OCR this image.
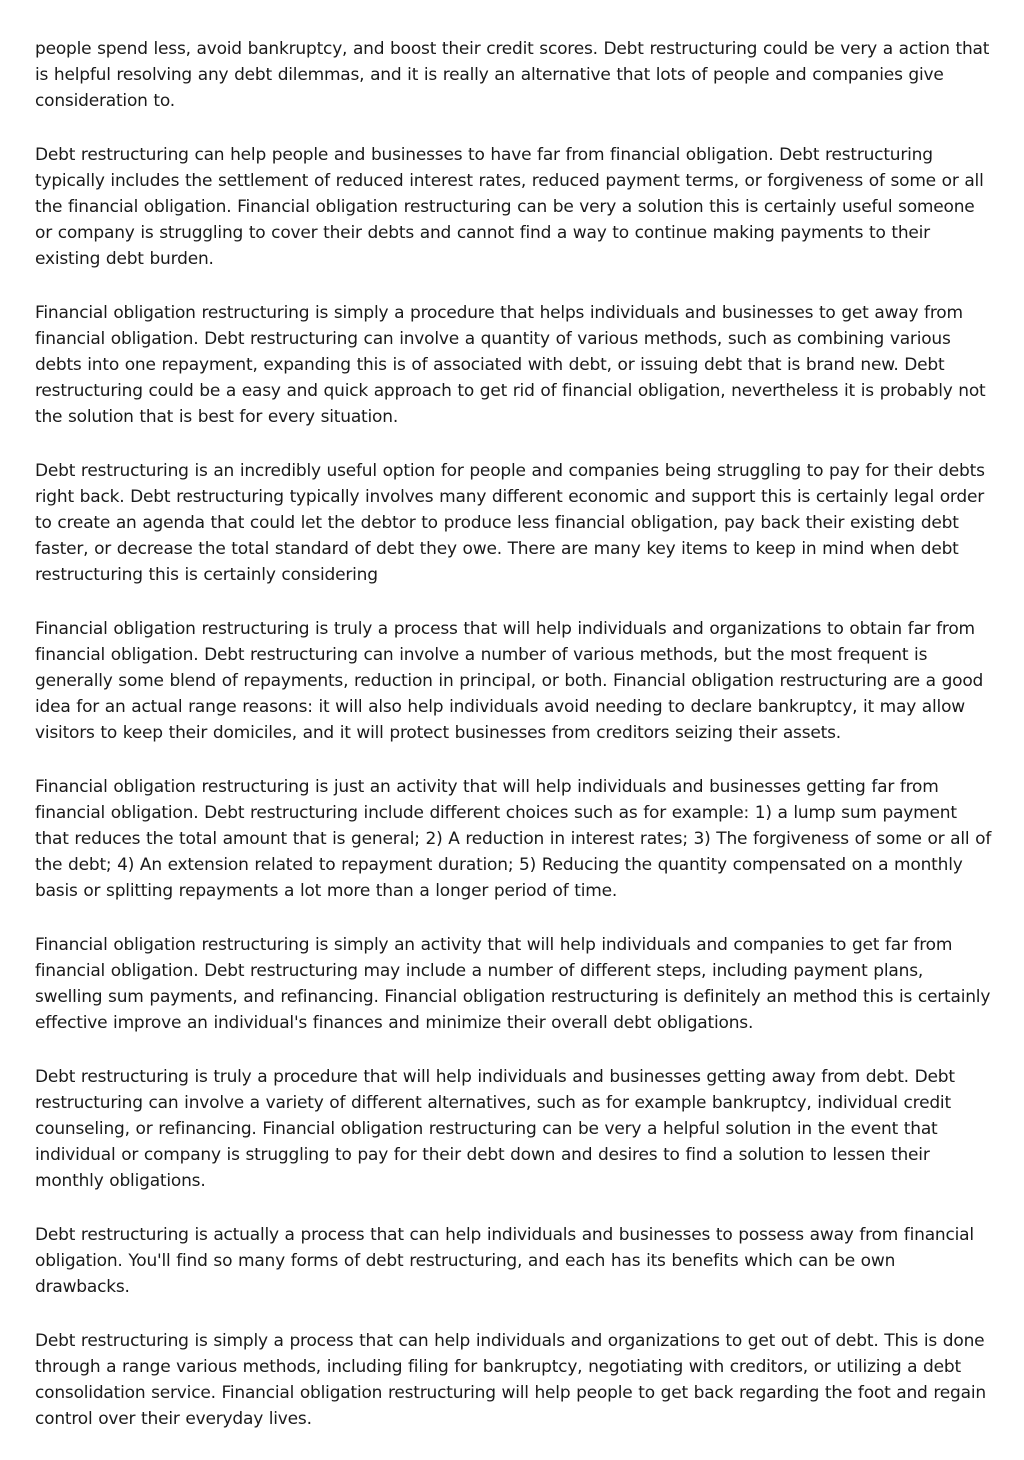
people spend less, avoid bankruptcy, and boost their credit scores. Debt restructuring could be very a action that is helpful resolving any debt dilemmas, and it is really an alternative that lots of people and companies give consideration to.

Debt restructuring can help people and businesses to have far from financial obligation. Debt restructuring typically includes the settlement of reduced interest rates, reduced payment terms, or forgiveness of some or all the financial obligation. Financial obligation restructuring can be very a solution this is certainly useful someone or company is struggling to cover their debts and cannot find a way to continue making payments to their existing debt burden.

Financial obligation restructuring is simply a procedure that helps individuals and businesses to get away from financial obligation. Debt restructuring can involve a quantity of various methods, such as combining various debts into one repayment, expanding this is of associated with debt, or issuing debt that is brand new. Debt restructuring could be a easy and quick approach to get rid of financial obligation, nevertheless it is probably not the solution that is best for every situation.

Debt restructuring is an incredibly useful option for people and companies being struggling to pay for their debts right back. Debt restructuring typically involves many different economic and support this is certainly legal order to create an agenda that could let the debtor to produce less financial obligation, pay back their existing debt faster, or decrease the total standard of debt they owe. There are many key items to keep in mind when debt restructuring this is certainly considering

Financial obligation restructuring is truly a process that will help individuals and organizations to obtain far from financial obligation. Debt restructuring can involve a number of various methods, but the most frequent is generally some blend of repayments, reduction in principal, or both. Financial obligation restructuring are a good idea for an actual range reasons: it will also help individuals avoid needing to declare bankruptcy, it may allow visitors to keep their domiciles, and it will protect businesses from creditors seizing their assets.

Financial obligation restructuring is just an activity that will help individuals and businesses getting far from financial obligation. Debt restructuring include different choices such as for example: 1) a lump sum payment that reduces the total amount that is general; 2) A reduction in interest rates; 3) The forgiveness of some or all of the debt; 4) An extension related to repayment duration; 5) Reducing the quantity compensated on a monthly basis or splitting repayments a lot more than a longer period of time.

Financial obligation restructuring is simply an activity that will help individuals and companies to get far from financial obligation. Debt restructuring may include a number of different steps, including payment plans, swelling sum payments, and refinancing. Financial obligation restructuring is definitely an method this is certainly effective improve an individual's finances and minimize their overall debt obligations.

Debt restructuring is truly a procedure that will help individuals and businesses getting away from debt. Debt restructuring can involve a variety of different alternatives, such as for example bankruptcy, individual credit counseling, or refinancing. Financial obligation restructuring can be very a helpful solution in the event that individual or company is struggling to pay for their debt down and desires to find a solution to lessen their monthly obligations.

Debt restructuring is actually a process that can help individuals and businesses to possess away from financial obligation. You'll find so many forms of debt restructuring, and each has its benefits which can be own drawbacks.

Debt restructuring is simply a process that can help individuals and organizations to get out of debt. This is done through a range various methods, including filing for bankruptcy, negotiating with creditors, or utilizing a debt consolidation service. Financial obligation restructuring will help people to get back regarding the foot and regain control over their everyday lives.
